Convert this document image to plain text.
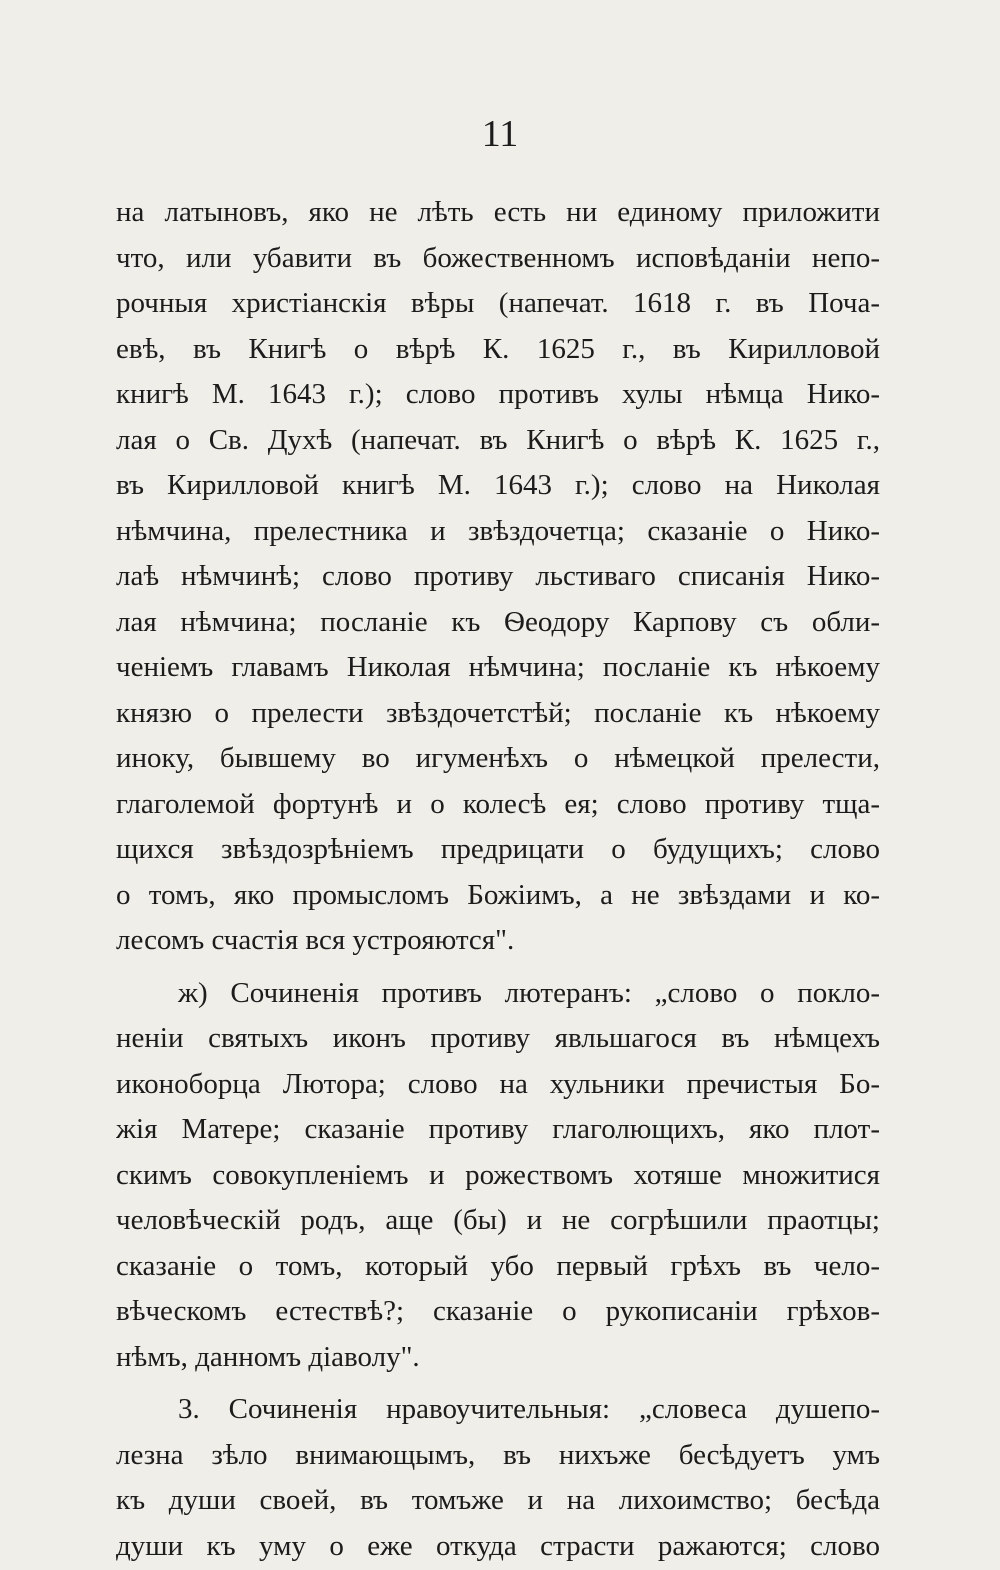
11
на латыновъ, яко не лѣть есть ни единому приложити
что, или убавити въ божественномъ исповѣданіи непо-
рочныя христіанскія вѣры (напечат. 1618 г. въ Поча-
евѣ, въ Книгѣ о вѣрѣ К. 1625 г., въ Кирилловой
книгѣ М. 1643 г.); слово противъ хулы нѣмца Нико-
лая о Св. Духѣ (напечат. въ Книгѣ о вѣрѣ К. 1625 г.,
въ Кирилловой книгѣ М. 1643 г.); слово на Николая
нѣмчина, прелестника и звѣздочетца; сказаніе о Нико-
лаѣ нѣмчинѣ; слово противу льстиваго списанія Нико-
лая нѣмчина; посланіе къ Ѳеодору Карпову съ обли-
ченіемъ главамъ Николая нѣмчина; посланіе къ нѣкоему
князю о прелести звѣздочетстѣй; посланіе къ нѣкоему
иноку, бывшему во игуменѣхъ о нѣмецкой прелести,
глаголемой фортунѣ и о колесѣ ея; слово противу тща-
щихся звѣздозрѣніемъ предрицати о будущихъ; слово
о томъ, яко промысломъ Божіимъ, а не звѣздами и ко-
лесомъ счастія вся устрояются".
ж) Сочиненія противъ лютеранъ: „слово о покло-
неніи святыхъ иконъ противу явльшагося въ нѣмцехъ
иконоборца Лютора; слово на хульники пречистыя Бо-
жія Матере; сказаніе противу глаголющихъ, яко плот-
скимъ совокупленіемъ и рожествомъ хотяше множитися
человѣческій родъ, аще (бы) и не согрѣшили праотцы;
сказаніе о томъ, который убо первый грѣхъ въ чело-
вѣческомъ естествѣ?; сказаніе о рукописаніи грѣхов-
нѣмъ, данномъ діаволу".
3. Сочиненія нравоучительныя: „словеса душепо-
лезна зѣло внимающымъ, въ нихъже бесѣдуетъ умъ
къ души своей, въ томъже и на лихоимство; бесѣда
души къ уму о еже откуда страсти ражаются; слово
